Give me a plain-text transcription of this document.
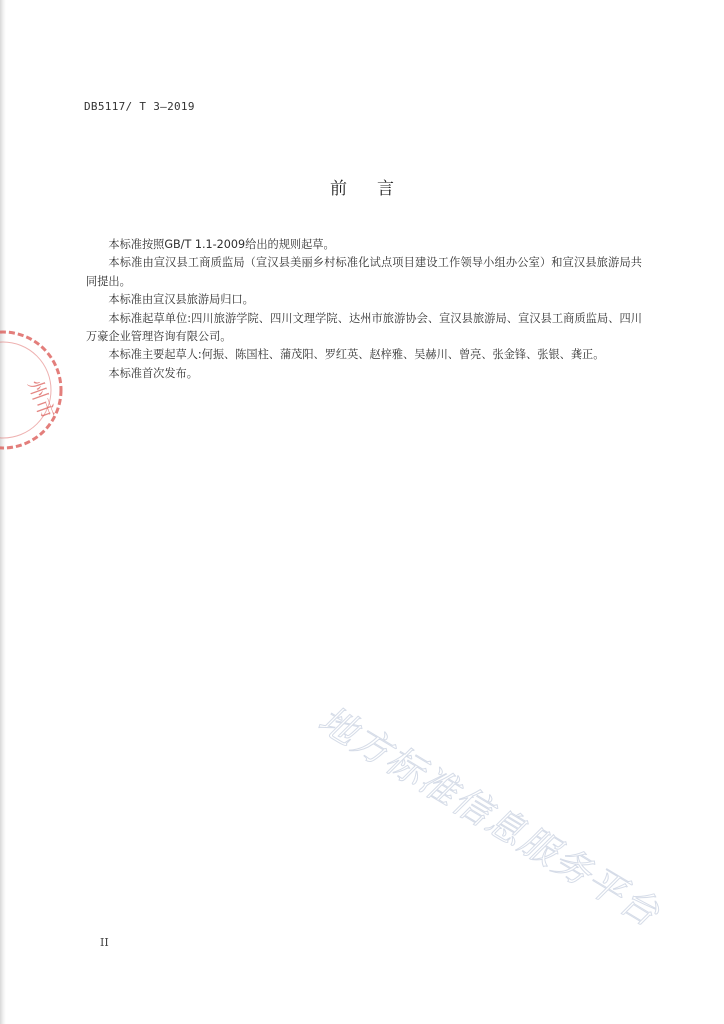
DB5117/ T 3—2019
前言

本标准按照GB/T 1.1-2009给出的规则起草。

本标准由宣汉县工商质监局（宣汉县美丽乡村标准化试点项目建设工作领导小组办公室）和宣汉县旅游局共同提出。

本标准由宣汉县旅游局归口。

本标准起草单位:四川旅游学院、四川文理学院、达州市旅游协会、宣汉县旅游局、宣汉县工商质监局、四川万豪企业管理咨询有限公司。

本标准主要起草人:何振、陈国柱、蒲茂阳、罗红英、赵梓雅、吴赫川、曾亮、张金锋、张银、龚正。

本标准首次发布。

州市
地方标准信息服务平台
II
